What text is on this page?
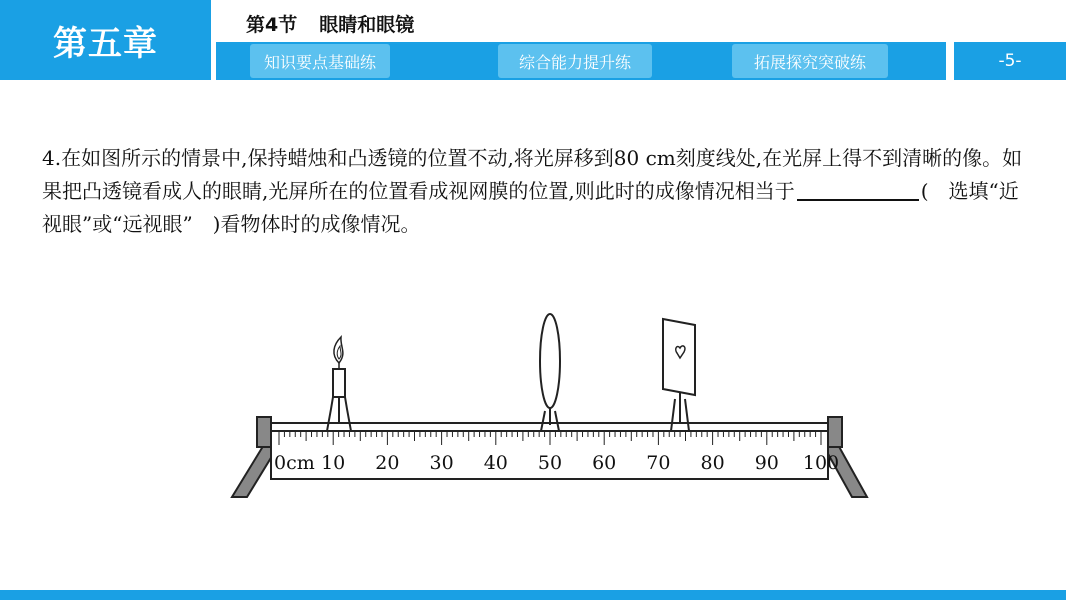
第五章	第4节 眼睛和眼镜
知识要点基础练	综合能力提升练	拓展探究突破练	-5-

4.在如图所示的情景中,保持蜡烛和凸透镜的位置不动,将光屏移到80 cm刻度线处,在光屏上得不到清晰的像。如果把凸透镜看成人的眼睛,光屏所在的位置看成视网膜的位置,则此时的成像情况相当于	(　选填“近视眼”或“远视眼”　)看物体时的成像情况。

0cm 10 20 30 40 50 60 70 80 90 100
